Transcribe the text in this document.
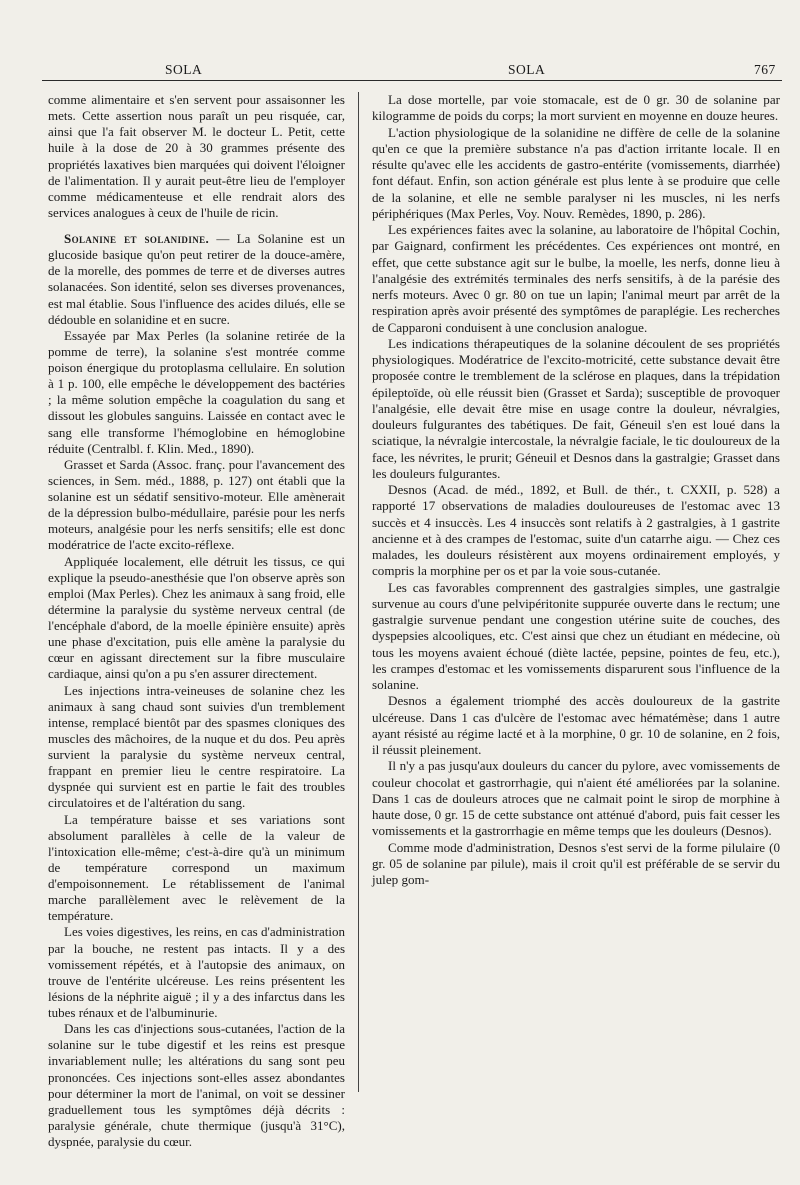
SOLA	SOLA	767

comme alimentaire et s'en servent pour assaisonner les mets. Cette assertion nous paraît un peu risquée, car, ainsi que l'a fait observer M. le docteur L. Petit, cette huile à la dose de 20 à 30 grammes présente des propriétés laxatives bien marquées qui doivent l'éloigner de l'alimentation. Il y aurait peut-être lieu de l'employer comme médicamenteuse et elle rendrait alors des services analogues à ceux de l'huile de ricin.

Solanine et solanidine. — La Solanine est un glucoside basique qu'on peut retirer de la douce-amère, de la morelle, des pommes de terre et de diverses autres solanacées. Son identité, selon ses diverses provenances, est mal établie. Sous l'influence des acides dilués, elle se dédouble en solanidine et en sucre.

Essayée par Max Perles (la solanine retirée de la pomme de terre), la solanine s'est montrée comme poison énergique du protoplasma cellulaire. En solution à 1 p. 100, elle empêche le développement des bactéries ; la même solution empêche la coagulation du sang et dissout les globules sanguins. Laissée en contact avec le sang elle transforme l'hémoglobine en hémoglobine réduite (Centralbl. f. Klin. Med., 1890).

Grasset et Sarda (Assoc. franç. pour l'avancement des sciences, in Sem. méd., 1888, p. 127) ont établi que la solanine est un sédatif sensitivo-moteur. Elle amènerait de la dépression bulbo-médullaire, parésie pour les nerfs moteurs, analgésie pour les nerfs sensitifs; elle est donc modératrice de l'acte excito-réflexe.

Appliquée localement, elle détruit les tissus, ce qui explique la pseudo-anesthésie que l'on observe après son emploi (Max Perles). Chez les animaux à sang froid, elle détermine la paralysie du système nerveux central (de l'encéphale d'abord, de la moelle épinière ensuite) après une phase d'excitation, puis elle amène la paralysie du cœur en agissant directement sur la fibre musculaire cardiaque, ainsi qu'on a pu s'en assurer directement.

Les injections intra-veineuses de solanine chez les animaux à sang chaud sont suivies d'un tremblement intense, remplacé bientôt par des spasmes cloniques des muscles des mâchoires, de la nuque et du dos. Peu après survient la paralysie du système nerveux central, frappant en premier lieu le centre respiratoire. La dyspnée qui survient est en partie le fait des troubles circulatoires et de l'altération du sang.

La température baisse et ses variations sont absolument parallèles à celle de la valeur de l'intoxication elle-même; c'est-à-dire qu'à un minimum de température correspond un maximum d'empoisonnement. Le rétablissement de l'animal marche parallèlement avec le relèvement de la température.

Les voies digestives, les reins, en cas d'administration par la bouche, ne restent pas intacts. Il y a des vomissement répétés, et à l'autopsie des animaux, on trouve de l'entérite ulcéreuse. Les reins présentent les lésions de la néphrite aiguë ; il y a des infarctus dans les tubes rénaux et de l'albuminurie.

Dans les cas d'injections sous-cutanées, l'action de la solanine sur le tube digestif et les reins est presque invariablement nulle; les altérations du sang sont peu prononcées. Ces injections sont-elles assez abondantes pour déterminer la mort de l'animal, on voit se dessiner graduellement tous les symptômes déjà décrits : paralysie générale, chute thermique (jusqu'à 31°C), dyspnée, paralysie du cœur.

La dose mortelle, par voie stomacale, est de 0 gr. 30 de solanine par kilogramme de poids du corps; la mort survient en moyenne en douze heures.

L'action physiologique de la solanidine ne diffère de celle de la solanine qu'en ce que la première substance n'a pas d'action irritante locale. Il en résulte qu'avec elle les accidents de gastro-entérite (vomissements, diarrhée) font défaut. Enfin, son action générale est plus lente à se produire que celle de la solanine, et elle ne semble paralyser ni les muscles, ni les nerfs périphériques (Max Perles, Voy. Nouv. Remèdes, 1890, p. 286).

Les expériences faites avec la solanine, au laboratoire de l'hôpital Cochin, par Gaignard, confirment les précédentes. Ces expériences ont montré, en effet, que cette substance agit sur le bulbe, la moelle, les nerfs, donne lieu à l'analgésie des extrémités terminales des nerfs sensitifs, à de la parésie des nerfs moteurs. Avec 0 gr. 80 on tue un lapin; l'animal meurt par arrêt de la respiration après avoir présenté des symptômes de paraplégie. Les recherches de Capparoni conduisent à une conclusion analogue.

Les indications thérapeutiques de la solanine découlent de ses propriétés physiologiques. Modératrice de l'excito-motricité, cette substance devait être proposée contre le tremblement de la sclérose en plaques, dans la trépidation épileptoïde, où elle réussit bien (Grasset et Sarda); susceptible de provoquer l'analgésie, elle devait être mise en usage contre la douleur, névralgies, douleurs fulgurantes des tabétiques. De fait, Géneuil s'en est loué dans la sciatique, la névralgie intercostale, la névralgie faciale, le tic douloureux de la face, les névrites, le prurit; Géneuil et Desnos dans la gastralgie; Grasset dans les douleurs fulgurantes.

Desnos (Acad. de méd., 1892, et Bull. de thér., t. CXXII, p. 528) a rapporté 17 observations de maladies douloureuses de l'estomac avec 13 succès et 4 insuccès. Les 4 insuccès sont relatifs à 2 gastralgies, à 1 gastrite ancienne et à des crampes de l'estomac, suite d'un catarrhe aigu. — Chez ces malades, les douleurs résistèrent aux moyens ordinairement employés, y compris la morphine per os et par la voie sous-cutanée.

Les cas favorables comprennent des gastralgies simples, une gastralgie survenue au cours d'une pelvipéritonite suppurée ouverte dans le rectum; une gastralgie survenue pendant une congestion utérine suite de couches, des dyspepsies alcooliques, etc. C'est ainsi que chez un étudiant en médecine, où tous les moyens avaient échoué (diète lactée, pepsine, pointes de feu, etc.), les crampes d'estomac et les vomissements disparurent sous l'influence de la solanine.

Desnos a également triomphé des accès douloureux de la gastrite ulcéreuse. Dans 1 cas d'ulcère de l'estomac avec hématémèse; dans 1 autre ayant résisté au régime lacté et à la morphine, 0 gr. 10 de solanine, en 2 fois, il réussit pleinement.

Il n'y a pas jusqu'aux douleurs du cancer du pylore, avec vomissements de couleur chocolat et gastrorrhagie, qui n'aient été améliorées par la solanine. Dans 1 cas de douleurs atroces que ne calmait point le sirop de morphine à haute dose, 0 gr. 15 de cette substance ont atténué d'abord, puis fait cesser les vomissements et la gastrorrhagie en même temps que les douleurs (Desnos).

Comme mode d'administration, Desnos s'est servi de la forme pilulaire (0 gr. 05 de solanine par pilule), mais il croit qu'il est préférable de se servir du julep gom-
